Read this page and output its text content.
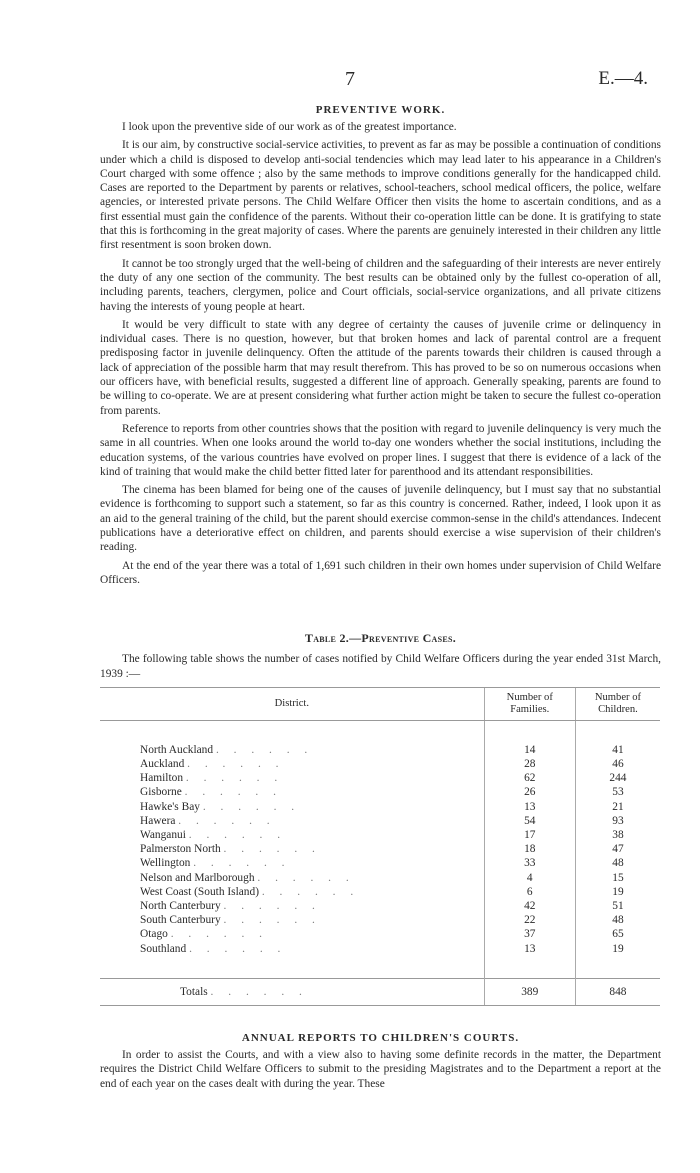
7	E.—4.
PREVENTIVE WORK.

I look upon the preventive side of our work as of the greatest importance.

It is our aim, by constructive social-service activities, to prevent as far as may be possible a continuation of conditions under which a child is disposed to develop anti-social tendencies which may lead later to his appearance in a Children's Court charged with some offence ; also by the same methods to improve conditions generally for the handicapped child. Cases are reported to the Department by parents or relatives, school-teachers, school medical officers, the police, welfare agencies, or interested private persons. The Child Welfare Officer then visits the home to ascertain conditions, and as a first essential must gain the confidence of the parents. Without their co-operation little can be done. It is gratifying to state that this is forthcoming in the great majority of cases. Where the parents are genuinely interested in their children any little first resentment is soon broken down.

It cannot be too strongly urged that the well-being of children and the safeguarding of their interests are never entirely the duty of any one section of the community. The best results can be obtained only by the fullest co-operation of all, including parents, teachers, clergymen, police and Court officials, social-service organizations, and all private citizens having the interests of young people at heart.

It would be very difficult to state with any degree of certainty the causes of juvenile crime or delinquency in individual cases. There is no question, however, but that broken homes and lack of parental control are a frequent predisposing factor in juvenile delinquency. Often the attitude of the parents towards their children is caused through a lack of appreciation of the possible harm that may result therefrom. This has proved to be so on numerous occasions when our officers have, with beneficial results, suggested a different line of approach. Generally speaking, parents are found to be willing to co-operate. We are at present considering what further action might be taken to secure the fullest co-operation from parents.

Reference to reports from other countries shows that the position with regard to juvenile delinquency is very much the same in all countries. When one looks around the world to-day one wonders whether the social institutions, including the education systems, of the various countries have evolved on proper lines. I suggest that there is evidence of a lack of the kind of training that would make the child better fitted later for parenthood and its attendant responsibilities.

The cinema has been blamed for being one of the causes of juvenile delinquency, but I must say that no substantial evidence is forthcoming to support such a statement, so far as this country is concerned. Rather, indeed, I look upon it as an aid to the general training of the child, but the parent should exercise common-sense in the child's attendances. Indecent publications have a deteriorative effect on children, and parents should exercise a wise supervision of their children's reading.

At the end of the year there was a total of 1,691 such children in their own homes under supervision of Child Welfare Officers.

Table 2.—Preventive Cases.

The following table shows the number of cases notified by Child Welfare Officers during the year ended 31st March, 1939 :—

District.	Number of Families.	Number of Children.

North Auckland . . . . . .	14	41
Auckland . . . . . .	28	46
Hamilton . . . . . .	62	244
Gisborne . . . . . .	26	53
Hawke's Bay . . . . . .	13	21
Hawera . . . . . .	54	93
Wanganui . . . . . .	17	38
Palmerston North . . . . . .	18	47
Wellington . . . . . .	33	48
Nelson and Marlborough . . . . . .	4	15
West Coast (South Island) . . . . . .	6	19
North Canterbury . . . . . .	42	51
South Canterbury . . . . . .	22	48
Otago . . . . . .	37	65
Southland . . . . . .	13	19

Totals . . . . . .	389	848
ANNUAL REPORTS TO CHILDREN'S COURTS.

In order to assist the Courts, and with a view also to having some definite records in the matter, the Department requires the District Child Welfare Officers to submit to the presiding Magistrates and to the Department a report at the end of each year on the cases dealt with during the year. These
